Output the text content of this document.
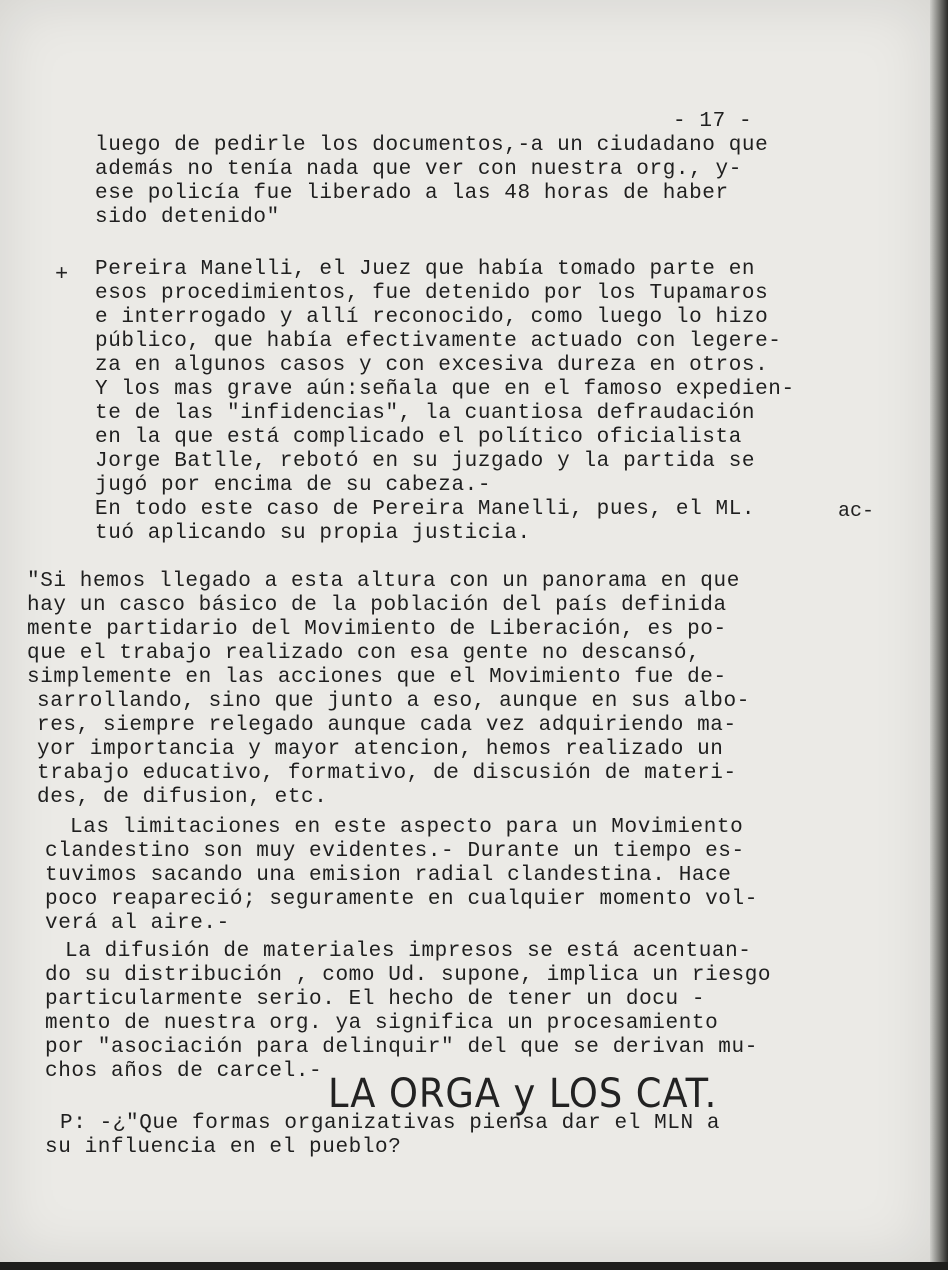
- 17 -
+
luego de pedirle los documentos,-a un ciudadano que
además no tenía nada que ver con nuestra org., y-
ese policía fue liberado a las 48 horas de haber
sido detenido"
Pereira Manelli, el Juez que había tomado parte en
esos procedimientos, fue detenido por los Tupamaros
e interrogado y allí reconocido, como luego lo hizo
público, que había efectivamente actuado con legere-
za en algunos casos y con excesiva dureza en otros.
Y los mas grave aún:señala que en el famoso expedien-
te de las "infidencias", la cuantiosa defraudación
en la que está complicado el político oficialista
Jorge Batlle, rebotó en su juzgado y la partida se
jugó por encima de su cabeza.-
En todo este caso de Pereira Manelli, pues, el ML.	ac-
tuó aplicando su propia justicia.
"Si hemos llegado a esta altura con un panorama en que
hay un casco básico de la población del país definida
mente partidario del Movimiento de Liberación, es po-
que el trabajo realizado con esa gente no descansó,
simplemente en las acciones que el Movimiento fue de-
sarrollando, sino que junto a eso, aunque en sus albo-
res, siempre relegado aunque cada vez adquiriendo ma-
yor importancia y mayor atencion, hemos realizado un
trabajo educativo, formativo, de discusión de materi-
des, de difusion, etc.
Las limitaciones en este aspecto para un Movimiento
clandestino son muy evidentes.- Durante un tiempo es-
tuvimos sacando una emision radial clandestina. Hace
poco reapareció; seguramente en cualquier momento vol-
verá al aire.-
La difusión de materiales impresos se está acentuan-
do su distribución , como Ud. supone, implica un riesgo
particularmente serio. El hecho de tener un docu -
mento de nuestra org. ya significa un procesamiento
por "asociación para delinquir" del que se derivan mu-
chos años de carcel.- LA ORGA y LOS CAT.
P: -¿"Que formas organizativas piensa dar el MLN a
su influencia en el pueblo?
